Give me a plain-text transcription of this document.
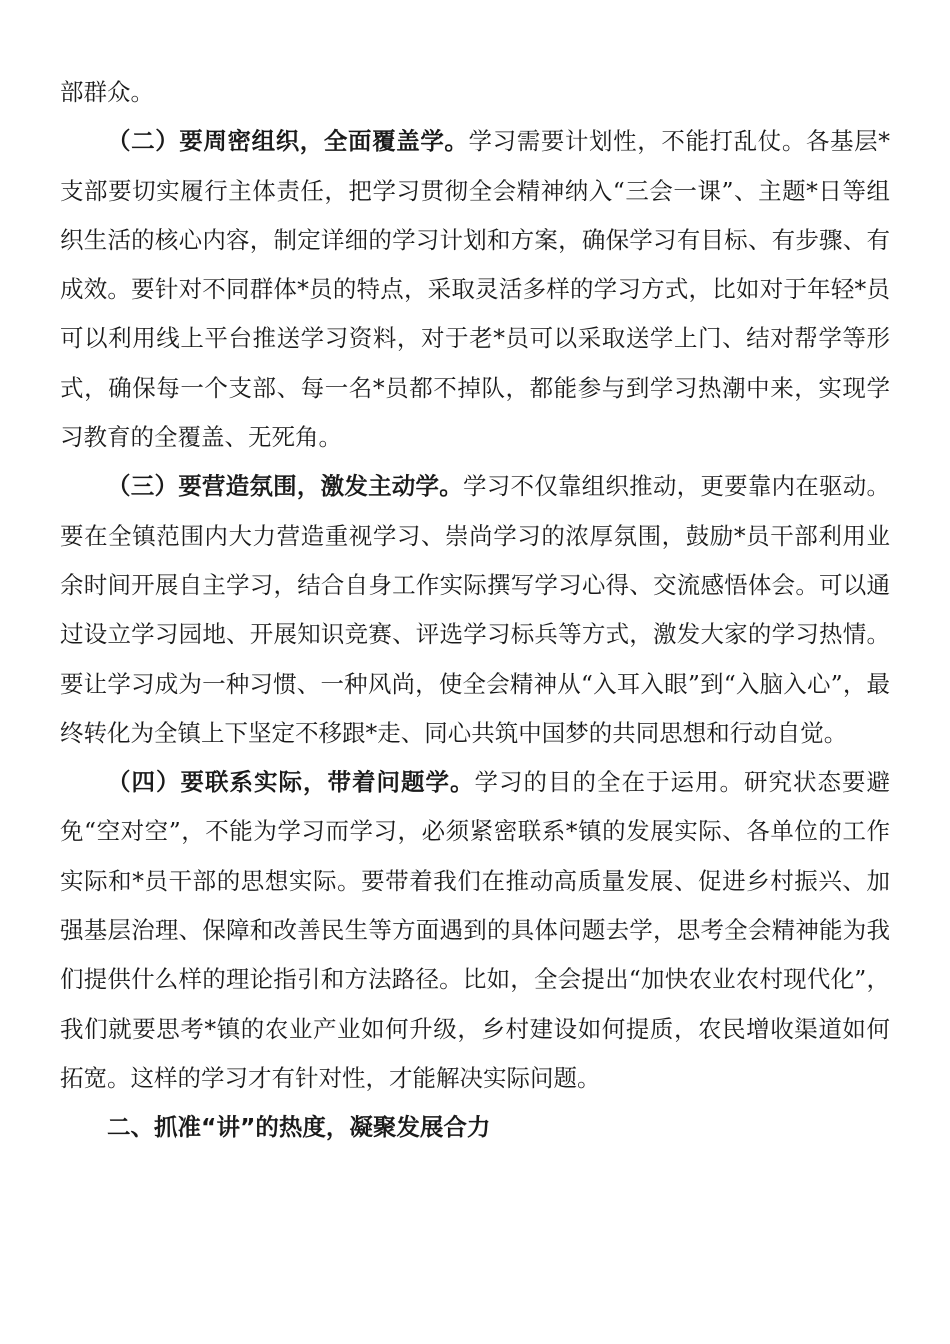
部群众。

（二）要周密组织，全面覆盖学。学习需要计划性，不能打乱仗。各基层*支部要切实履行主体责任，把学习贯彻全会精神纳入“三会一课”、主题*日等组织生活的核心内容，制定详细的学习计划和方案，确保学习有目标、有步骤、有成效。要针对不同群体*员的特点，采取灵活多样的学习方式，比如对于年轻*员可以利用线上平台推送学习资料，对于老*员可以采取送学上门、结对帮学等形式，确保每一个支部、每一名*员都不掉队，都能参与到学习热潮中来，实现学习教育的全覆盖、无死角。

（三）要营造氛围，激发主动学。学习不仅靠组织推动，更要靠内在驱动。要在全镇范围内大力营造重视学习、崇尚学习的浓厚氛围，鼓励*员干部利用业余时间开展自主学习，结合自身工作实际撰写学习心得、交流感悟体会。可以通过设立学习园地、开展知识竞赛、评选学习标兵等方式，激发大家的学习热情。要让学习成为一种习惯、一种风尚，使全会精神从“入耳入眼”到“入脑入心”，最终转化为全镇上下坚定不移跟*走、同心共筑中国梦的共同思想和行动自觉。

（四）要联系实际，带着问题学。学习的目的全在于运用。研究状态要避免“空对空”，不能为学习而学习，必须紧密联系*镇的发展实际、各单位的工作实际和*员干部的思想实际。要带着我们在推动高质量发展、促进乡村振兴、加强基层治理、保障和改善民生等方面遇到的具体问题去学，思考全会精神能为我们提供什么样的理论指引和方法路径。比如，全会提出“加快农业农村现代化”，我们就要思考*镇的农业产业如何升级，乡村建设如何提质，农民增收渠道如何拓宽。这样的学习才有针对性，才能解决实际问题。

二、抓准“讲”的热度，凝聚发展合力
